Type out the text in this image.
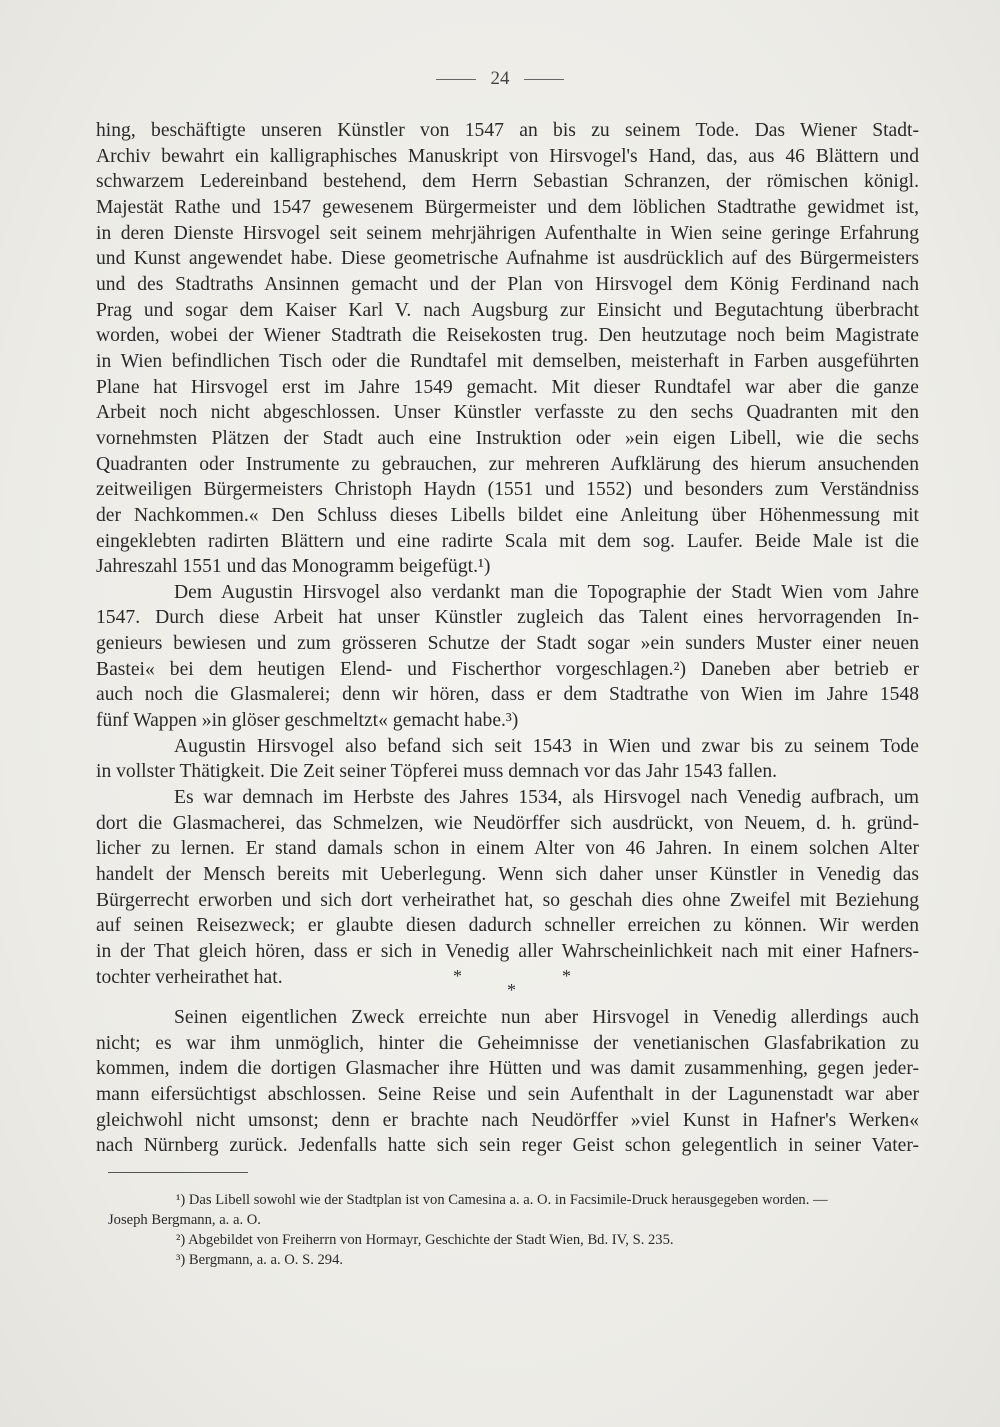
24
hing, beschäftigte unseren Künstler von 1547 an bis zu seinem Tode. Das Wiener Stadt-
Archiv bewahrt ein kalligraphisches Manuskript von Hirsvogel's Hand, das, aus 46 Blättern und
schwarzem Ledereinband bestehend, dem Herrn Sebastian Schranzen, der römischen königl.
Majestät Rathe und 1547 gewesenem Bürgermeister und dem löblichen Stadtrathe gewidmet ist,
in deren Dienste Hirsvogel seit seinem mehrjährigen Aufenthalte in Wien seine geringe Erfahrung
und Kunst angewendet habe. Diese geometrische Aufnahme ist ausdrücklich auf des Bürgermeisters
und des Stadtraths Ansinnen gemacht und der Plan von Hirsvogel dem König Ferdinand nach
Prag und sogar dem Kaiser Karl V. nach Augsburg zur Einsicht und Begutachtung überbracht
worden, wobei der Wiener Stadtrath die Reisekosten trug. Den heutzutage noch beim Magistrate
in Wien befindlichen Tisch oder die Rundtafel mit demselben, meisterhaft in Farben ausgeführten
Plane hat Hirsvogel erst im Jahre 1549 gemacht. Mit dieser Rundtafel war aber die ganze
Arbeit noch nicht abgeschlossen. Unser Künstler verfasste zu den sechs Quadranten mit den
vornehmsten Plätzen der Stadt auch eine Instruktion oder »ein eigen Libell, wie die sechs
Quadranten oder Instrumente zu gebrauchen, zur mehreren Aufklärung des hierum ansuchenden
zeitweiligen Bürgermeisters Christoph Haydn (1551 und 1552) und besonders zum Verständniss
der Nachkommen.« Den Schluss dieses Libells bildet eine Anleitung über Höhenmessung mit
eingeklebten radirten Blättern und eine radirte Scala mit dem sog. Laufer. Beide Male ist die
Jahreszahl 1551 und das Monogramm beigefügt.¹)
Dem Augustin Hirsvogel also verdankt man die Topographie der Stadt Wien vom Jahre
1547. Durch diese Arbeit hat unser Künstler zugleich das Talent eines hervorragenden In-
genieurs bewiesen und zum grösseren Schutze der Stadt sogar »ein sunders Muster einer neuen
Bastei« bei dem heutigen Elend- und Fischerthor vorgeschlagen.²) Daneben aber betrieb er
auch noch die Glasmalerei; denn wir hören, dass er dem Stadtrathe von Wien im Jahre 1548
fünf Wappen »in glöser geschmeltzt« gemacht habe.³)
Augustin Hirsvogel also befand sich seit 1543 in Wien und zwar bis zu seinem Tode
in vollster Thätigkeit. Die Zeit seiner Töpferei muss demnach vor das Jahr 1543 fallen.
Es war demnach im Herbste des Jahres 1534, als Hirsvogel nach Venedig aufbrach, um
dort die Glasmacherei, das Schmelzen, wie Neudörffer sich ausdrückt, von Neuem, d. h. gründ-
licher zu lernen. Er stand damals schon in einem Alter von 46 Jahren. In einem solchen Alter
handelt der Mensch bereits mit Ueberlegung. Wenn sich daher unser Künstler in Venedig das
Bürgerrecht erworben und sich dort verheirathet hat, so geschah dies ohne Zweifel mit Beziehung
auf seinen Reisezweck; er glaubte diesen dadurch schneller erreichen zu können. Wir werden
in der That gleich hören, dass er sich in Venedig aller Wahrscheinlichkeit nach mit einer Hafners-
tochter verheirathet hat.	*	*
*
Seinen eigentlichen Zweck erreichte nun aber Hirsvogel in Venedig allerdings auch
nicht; es war ihm unmöglich, hinter die Geheimnisse der venetianischen Glasfabrikation zu
kommen, indem die dortigen Glasmacher ihre Hütten und was damit zusammenhing, gegen jeder-
mann eifersüchtigst abschlossen. Seine Reise und sein Aufenthalt in der Lagunenstadt war aber
gleichwohl nicht umsonst; denn er brachte nach Neudörffer »viel Kunst in Hafner's Werken«
nach Nürnberg zurück. Jedenfalls hatte sich sein reger Geist schon gelegentlich in seiner Vater-
¹) Das Libell sowohl wie der Stadtplan ist von Camesina a. a. O. in Facsimile-Druck herausgegeben worden. —
Joseph Bergmann, a. a. O.
²) Abgebildet von Freiherrn von Hormayr, Geschichte der Stadt Wien, Bd. IV, S. 235.
³) Bergmann, a. a. O. S. 294.
